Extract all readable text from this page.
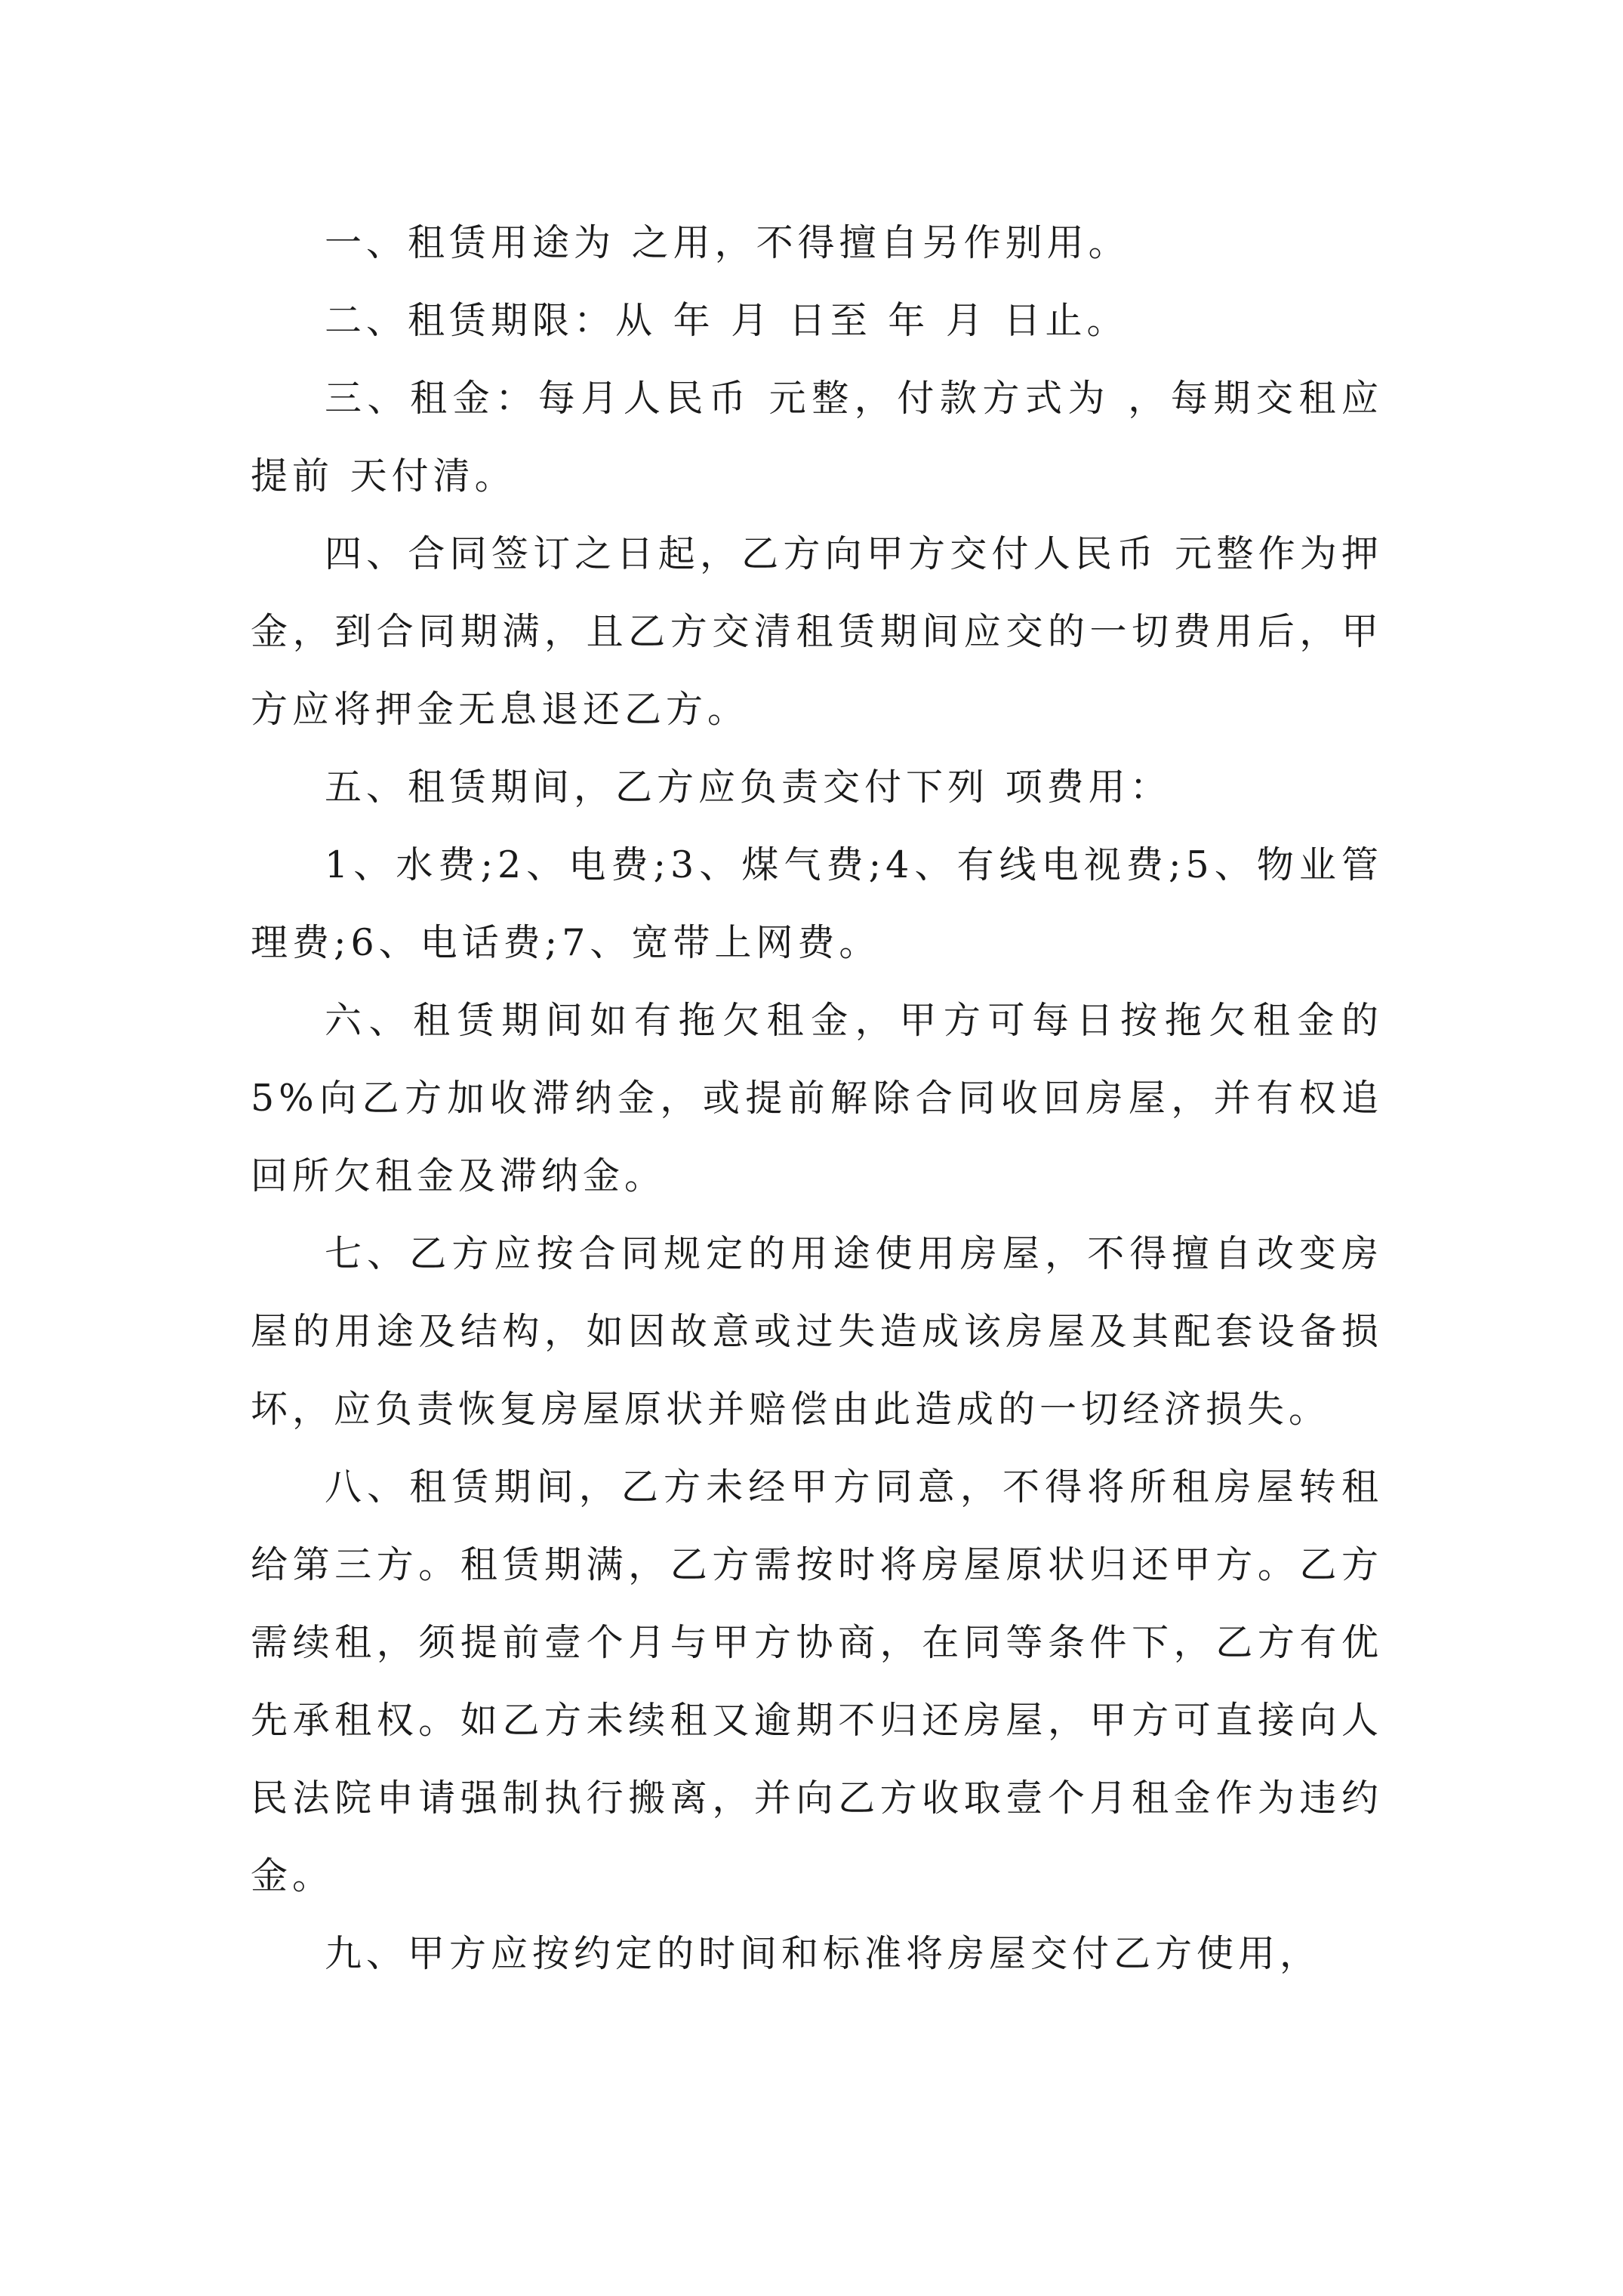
一、租赁用途为 之用，不得擅自另作别用。

二、租赁期限：从 年 月 日至 年 月 日止。

三、租金：每月人民币 元整，付款方式为 ，每期交租应提前 天付清。

四、合同签订之日起，乙方向甲方交付人民币 元整作为押金，到合同期满，且乙方交清租赁期间应交的一切费用后，甲方应将押金无息退还乙方。

五、租赁期间，乙方应负责交付下列 项费用：

1、水费;2、电费;3、煤气费;4、有线电视费;5、物业管理费;6、电话费;7、宽带上网费。

六、租赁期间如有拖欠租金，甲方可每日按拖欠租金的5%向乙方加收滞纳金，或提前解除合同收回房屋，并有权追回所欠租金及滞纳金。

七、乙方应按合同规定的用途使用房屋，不得擅自改变房屋的用途及结构，如因故意或过失造成该房屋及其配套设备损坏，应负责恢复房屋原状并赔偿由此造成的一切经济损失。

八、租赁期间，乙方未经甲方同意，不得将所租房屋转租给第三方。租赁期满，乙方需按时将房屋原状归还甲方。乙方需续租，须提前壹个月与甲方协商，在同等条件下，乙方有优先承租权。如乙方未续租又逾期不归还房屋，甲方可直接向人民法院申请强制执行搬离，并向乙方收取壹个月租金作为违约金。

九、甲方应按约定的时间和标准将房屋交付乙方使用，
